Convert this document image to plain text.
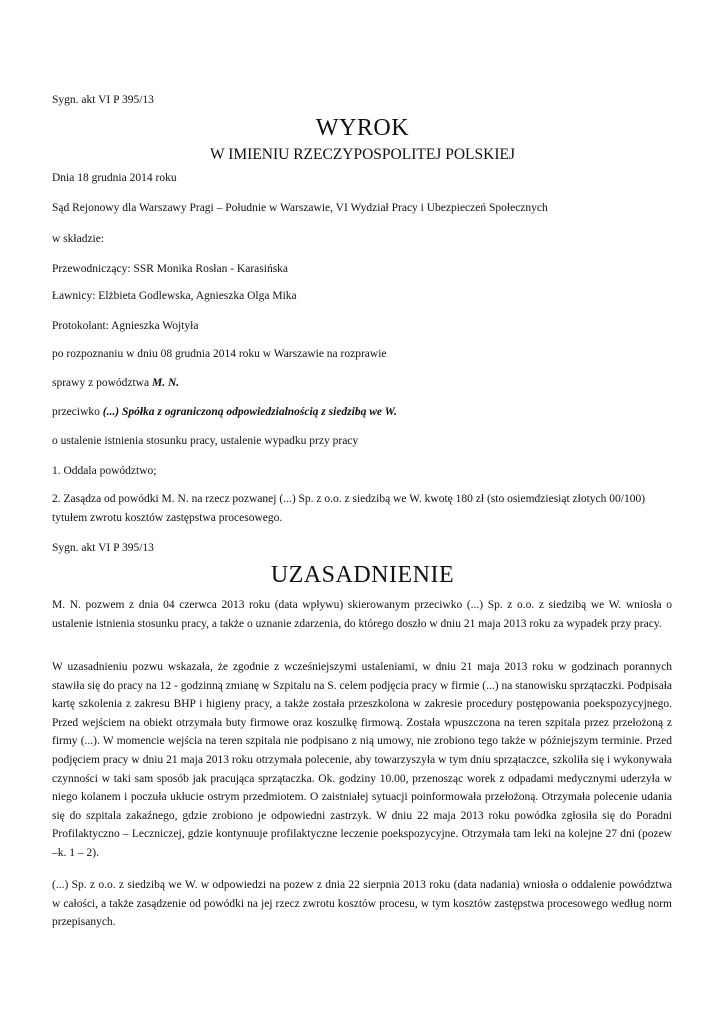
Sygn. akt VI P 395/13
WYROK
W IMIENIU RZECZYPOSPOLITEJ POLSKIEJ
Dnia 18 grudnia 2014 roku
Sąd Rejonowy dla Warszawy Pragi – Południe w Warszawie, VI Wydział Pracy i Ubezpieczeń Społecznych
w składzie:
Przewodniczący: SSR Monika Rosłan - Karasińska
Ławnicy: Elżbieta Godlewska, Agnieszka Olga Mika
Protokolant: Agnieszka Wojtyła
po rozpoznaniu w dniu 08 grudnia 2014 roku w Warszawie na rozprawie
sprawy z powództwa M. N.
przeciwko (...) Spółka z ograniczoną odpowiedzialnością z siedzibą we W.
o ustalenie istnienia stosunku pracy, ustalenie wypadku przy pracy
1. Oddala powództwo;
2. Zasądza od powódki M. N. na rzecz pozwanej (...) Sp. z o.o. z siedzibą we W. kwotę 180 zł (sto osiemdziesiąt złotych 00/100) tytułem zwrotu kosztów zastępstwa procesowego.
Sygn. akt VI P 395/13
UZASADNIENIE
M. N. pozwem z dnia 04 czerwca 2013 roku (data wpływu) skierowanym przeciwko (...) Sp. z o.o. z siedzibą we W. wniosła o ustalenie istnienia stosunku pracy, a także o uznanie zdarzenia, do którego doszło w dniu 21 maja 2013 roku za wypadek przy pracy.
W uzasadnieniu pozwu wskazała, że zgodnie z wcześniejszymi ustaleniami, w dniu 21 maja 2013 roku w godzinach porannych stawiła się do pracy na 12 - godzinną zmianę w Szpitalu na S. celem podjęcia pracy w firmie (...) na stanowisku sprzątaczki. Podpisała kartę szkolenia z zakresu BHP i higieny pracy, a także została przeszkolona w zakresie procedury postępowania poekspozycyjnego. Przed wejściem na obiekt otrzymała buty firmowe oraz koszulkę firmową. Została wpuszczona na teren szpitala przez przełożoną z firmy (...). W momencie wejścia na teren szpitala nie podpisano z nią umowy, nie zrobiono tego także w późniejszym terminie. Przed podjęciem pracy w dniu 21 maja 2013 roku otrzymała polecenie, aby towarzyszyła w tym dniu sprzątaczce, szkoliła się i wykonywała czynności w taki sam sposób jak pracująca sprzątaczka. Ok. godziny 10.00, przenosząc worek z odpadami medycznymi uderzyła w niego kolanem i poczuła ukłucie ostrym przedmiotem. O zaistniałej sytuacji poinformowała przełożoną. Otrzymała polecenie udania się do szpitala zakaźnego, gdzie zrobiono je odpowiedni zastrzyk. W dniu 22 maja 2013 roku powódka zgłosiła się do Poradni Profilaktyczno – Leczniczej, gdzie kontynuuje profilaktyczne leczenie poekspozycyjne. Otrzymała tam leki na kolejne 27 dni (pozew –k. 1 – 2).
(...) Sp. z o.o. z siedzibą we W. w odpowiedzi na pozew z dnia 22 sierpnia 2013 roku (data nadania) wniosła o oddalenie powództwa w całości, a także zasądzenie od powódki na jej rzecz zwrotu kosztów procesu, w tym kosztów zastępstwa procesowego według norm przepisanych.
